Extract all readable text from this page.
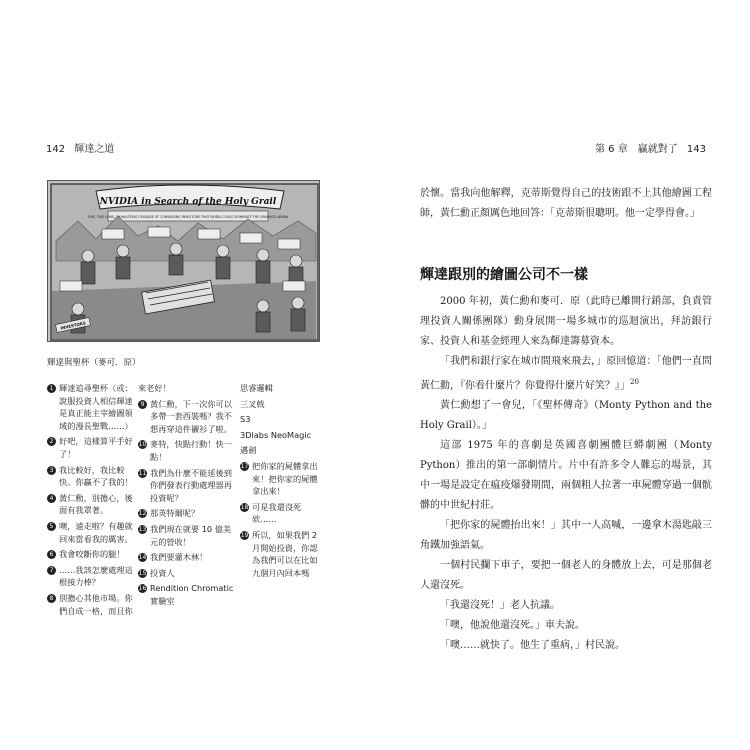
142 輝達之道	第 6 章　贏就對了 143
NVIDIA in Search of the Holy Grail
ONE, TWO LONG, EXHAUSTING CRUSADE OF CONVINCING INVESTORS THAT NVIDIA COULD DOMINATE THE GRAPHICS ARENA
INVESTORS
輝達與聖杯（麥可．原）
1 輝達追尋聖杯（或：說服投資人相信輝達是真正能主宰繪圖領域的漫長聖戰……）
2 好吧，這樣算平手好了！
3 我比較好，我比較快。你贏不了我的！
4 黃仁勳，別擔心，後面有我罩著。
5 噢，遠走啦？有趣就回來當看我的厲害。
6 我會咬斷你的腿！
7 ……我該怎麼處理這根接力棒？
8 別擔心其他市場。你們自成一格，而且你
來老好！
9 黃仁勳，下一次你可以多帶一套西裝嗎？我不想再穿這件襯衫了啦。
10 麥特，快點行動！快一點！
11 我們為什麼不能延後到你們發表行動處理器再投資呢？
12 那英特爾呢？
13 我們現在就要 10 億美元的營收！
14 我們要灌木林！
15 投資人
16 Rendition Chromatic 實驗室
思睿邏輯
三叉戟
S3
3Dlabs NeoMagic
邁劍
17 把你家的屍體拿出來！把你家的屍體拿出來！
18 可是我還沒死欸……
19 所以，如果我們 2 月開始投資，你認為我們可以在比如九個月內回本嗎
於懷。當我向他解釋，克蒂斯覺得自己的技術跟不上其他繪圖工程師，黃仁勳正顏厲色地回答：「克蒂斯很聰明。他一定學得會。」
輝達跟別的繪圖公司不一樣

2000 年初，黃仁勳和麥可．原（此時已離開行銷部，負責管理投資人關係團隊）動身展開一場多城市的巡迴演出，拜訪銀行家、投資人和基金經理人來為輝達籌募資本。

「我們和銀行家在城市間飛來飛去，」原回憶道：「他們一直問黃仁勳，『你看什麼片？你覺得什麼片好笑？』」$^{20}$

黃仁勳想了一會兒，「《聖杯傳奇》（Monty Python and the Holy Grail）。」

這部 1975 年的喜劇是英國喜劇團體巨蟒劇團（Monty Python）推出的第一部劇情片。片中有許多令人難忘的場景，其中一場是設定在瘟疫爆發期間，兩個粗人拉著一車屍體穿過一個骯髒的中世紀村莊。

「把你家的屍體抬出來！」其中一人高喊，一邊拿木湯匙敲三角鐵加強語氣。

一個村民攔下車子，要把一個老人的身體放上去，可是那個老人還沒死。

「我還沒死！」老人抗議。

「噢，他說他還沒死。」車夫說。

「噢……就快了。他生了重病，」村民說。
